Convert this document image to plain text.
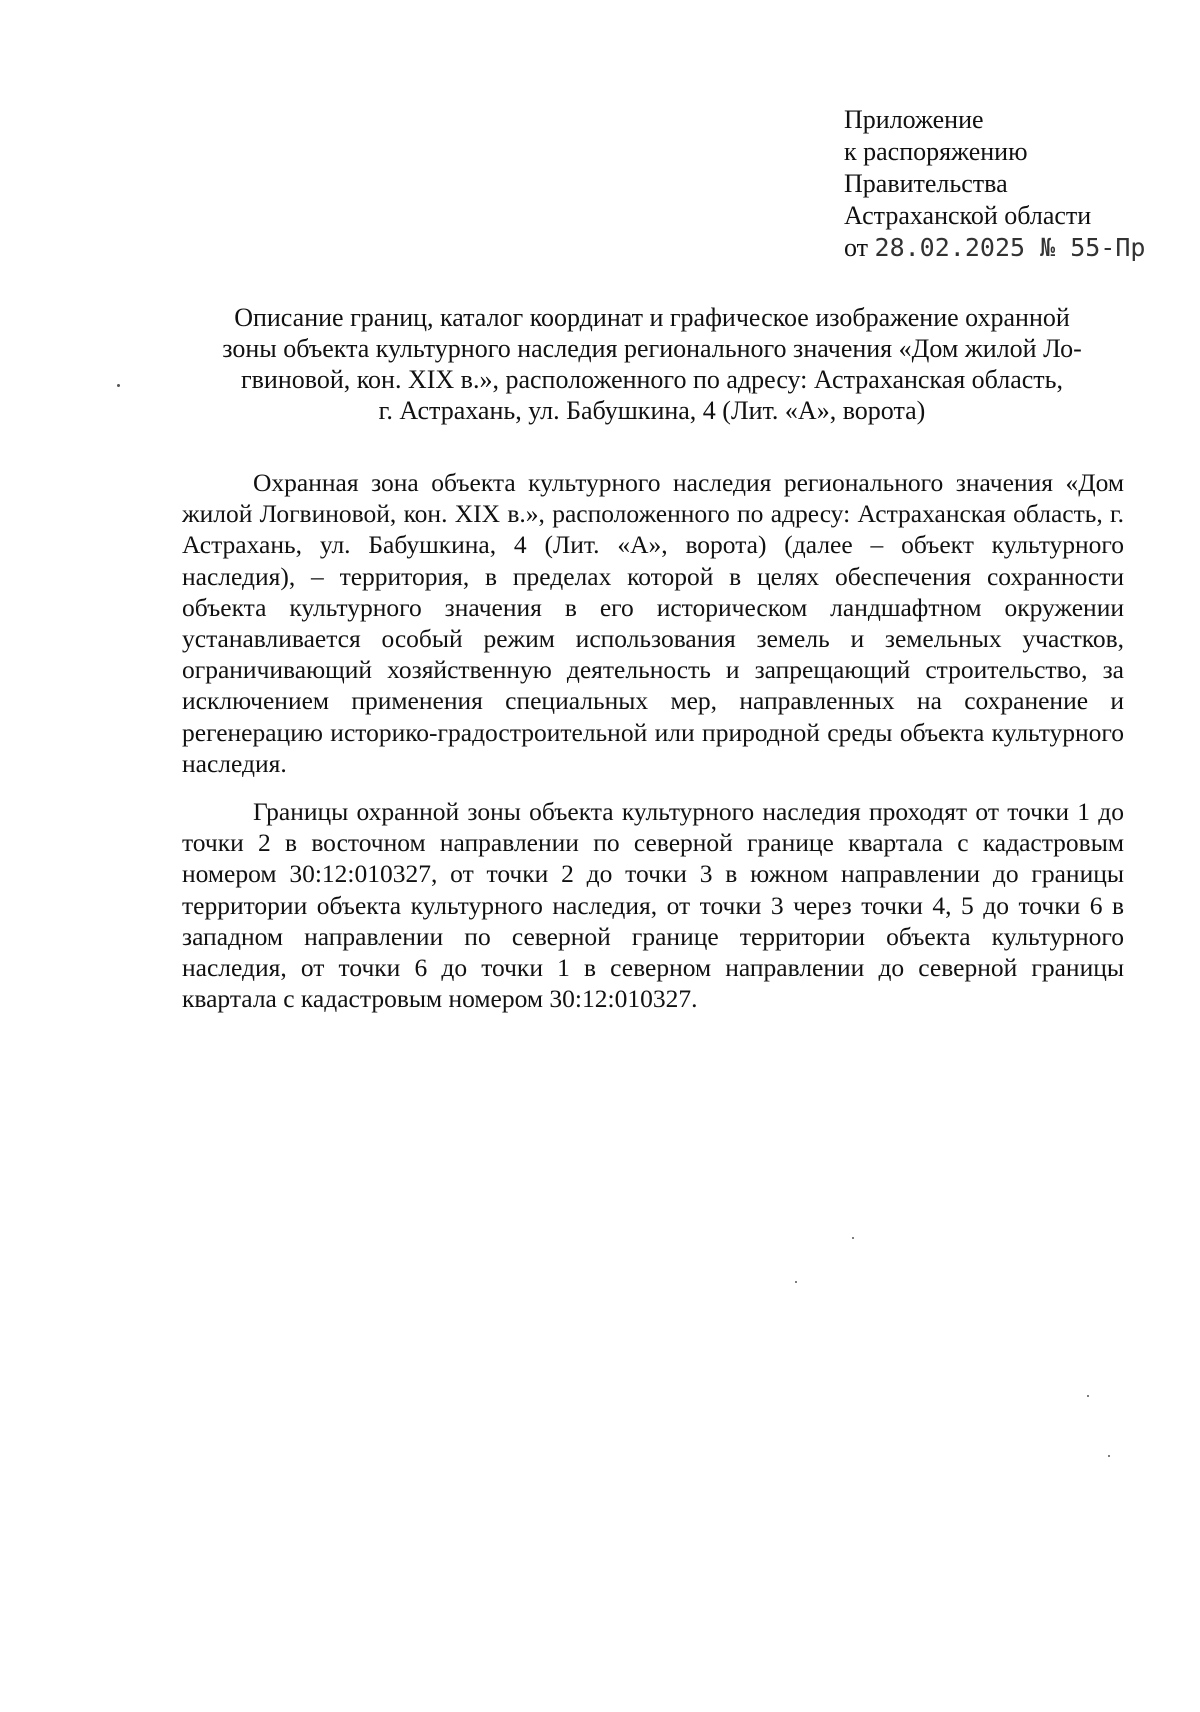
Приложение
к распоряжению
Правительства
Астраханской области
от 28.02.2025 № 55-Пр
Описание границ, каталог координат и графическое изображение охранной
зоны объекта культурного наследия регионального значения «Дом жилой Ло-
гвиновой, кон. XIX в.», расположенного по адресу: Астраханская область,
г. Астрахань, ул. Бабушкина, 4 (Лит. «А», ворота)

Охранная зона объекта культурного наследия регионального значения «Дом жилой Логвиновой, кон. XIX в.», расположенного по адресу: Астраханская область, г. Астрахань, ул. Бабушкина, 4 (Лит. «А», ворота) (далее – объект культурного наследия), – территория, в пределах которой в целях обеспечения сохранности объекта культурного значения в его историческом ландшафтном окружении устанавливается особый режим использования земель и земельных участков, ограничивающий хозяйственную деятельность и запрещающий строительство, за исключением применения специальных мер, направленных на сохранение и регенерацию историко-градостроительной или природной среды объекта культурного наследия.

Границы охранной зоны объекта культурного наследия проходят от точки 1 до точки 2 в восточном направлении по северной границе квартала с кадастровым номером 30:12:010327, от точки 2 до точки 3 в южном направлении до границы территории объекта культурного наследия, от точки 3 через точки 4, 5 до точки 6 в западном направлении по северной границе территории объекта культурного наследия, от точки 6 до точки 1 в северном направлении до северной границы квартала с кадастровым номером 30:12:010327.
